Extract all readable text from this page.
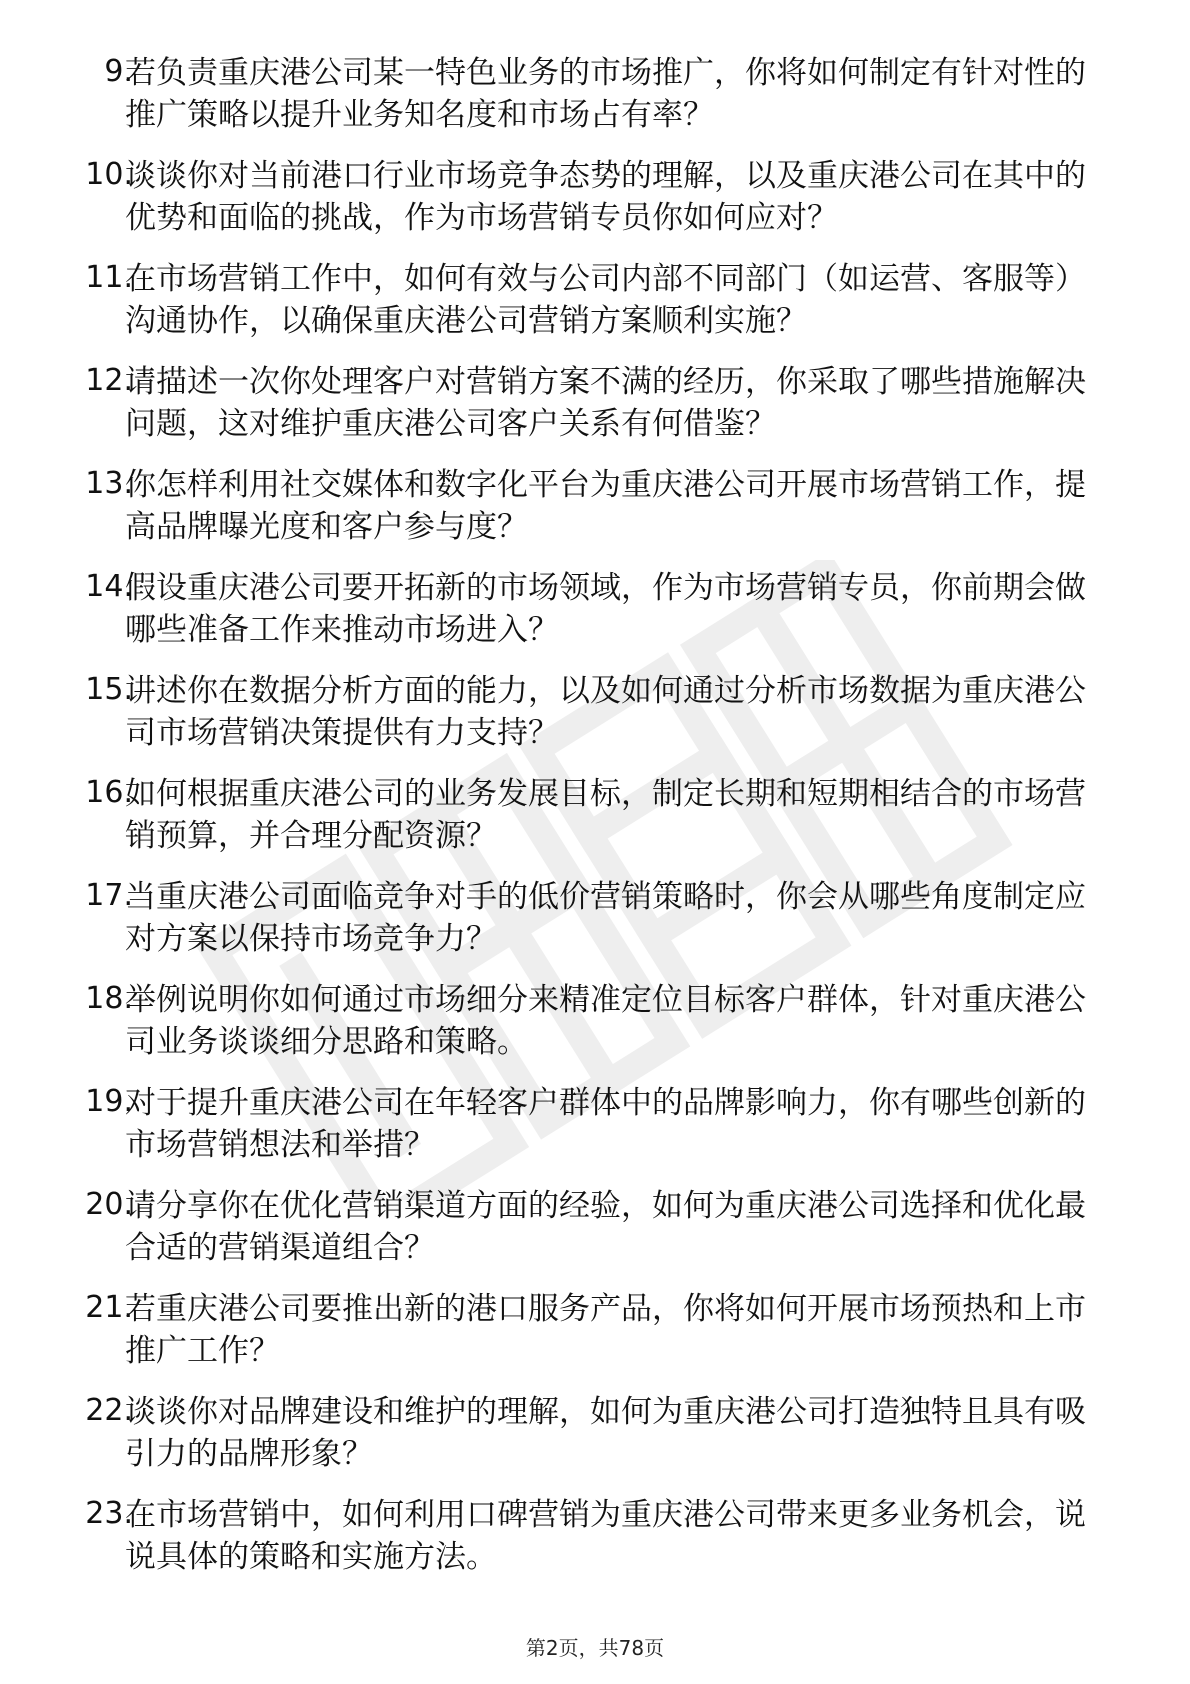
9.

若负责重庆港公司某一特色业务的市场推广，你将如何制定有针对性的推广策略以提升业务知名度和市场占有率？

10.

谈谈你对当前港口行业市场竞争态势的理解，以及重庆港公司在其中的优势和面临的挑战，作为市场营销专员你如何应对？

11.

在市场营销工作中，如何有效与公司内部不同部门（如运营、客服等）沟通协作，以确保重庆港公司营销方案顺利实施？

12.

请描述一次你处理客户对营销方案不满的经历，你采取了哪些措施解决问题，这对维护重庆港公司客户关系有何借鉴？

13.

你怎样利用社交媒体和数字化平台为重庆港公司开展市场营销工作，提高品牌曝光度和客户参与度？

14.

假设重庆港公司要开拓新的市场领域，作为市场营销专员，你前期会做哪些准备工作来推动市场进入？

15.

讲述你在数据分析方面的能力，以及如何通过分析市场数据为重庆港公司市场营销决策提供有力支持？

16.

如何根据重庆港公司的业务发展目标，制定长期和短期相结合的市场营销预算，并合理分配资源？

17.

当重庆港公司面临竞争对手的低价营销策略时，你会从哪些角度制定应对方案以保持市场竞争力？

18.

举例说明你如何通过市场细分来精准定位目标客户群体，针对重庆港公司业务谈谈细分思路和策略。

19.

对于提升重庆港公司在年轻客户群体中的品牌影响力，你有哪些创新的市场营销想法和举措？

20.

请分享你在优化营销渠道方面的经验，如何为重庆港公司选择和优化最合适的营销渠道组合？

21.

若重庆港公司要推出新的港口服务产品，你将如何开展市场预热和上市推广工作？

22.

谈谈你对品牌建设和维护的理解，如何为重庆港公司打造独特且具有吸引力的品牌形象？

23.

在市场营销中，如何利用口碑营销为重庆港公司带来更多业务机会，说说具体的策略和实施方法。

第2页，共78页
